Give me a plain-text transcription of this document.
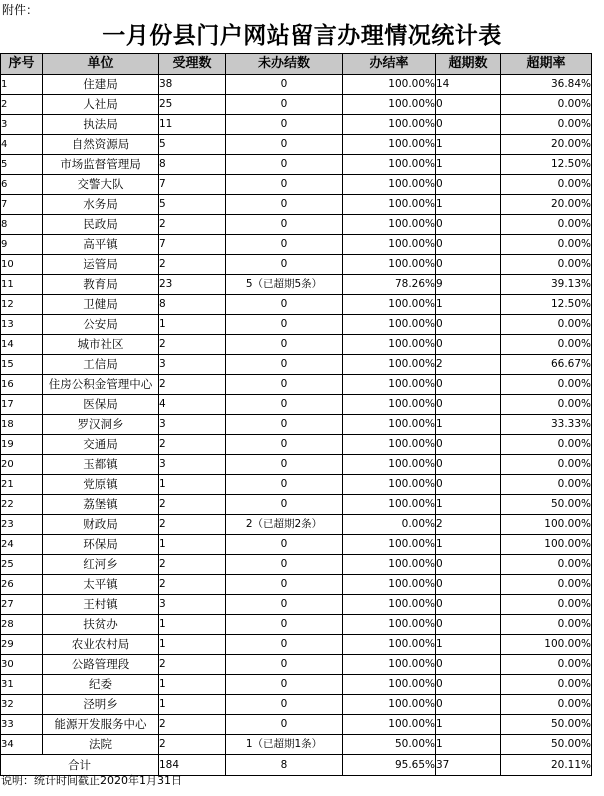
附件：
一月份县门户网站留言办理情况统计表
序号	单位	受理数	未办结数	办结率	超期数	超期率
1	住建局	38	0	100.00%	14	36.84%
2	人社局	25	0	100.00%	0	0.00%
3	执法局	11	0	100.00%	0	0.00%
4	自然资源局	5	0	100.00%	1	20.00%
5	市场监督管理局	8	0	100.00%	1	12.50%
6	交警大队	7	0	100.00%	0	0.00%
7	水务局	5	0	100.00%	1	20.00%
8	民政局	2	0	100.00%	0	0.00%
9	高平镇	7	0	100.00%	0	0.00%
10	运管局	2	0	100.00%	0	0.00%
11	教育局	23	5（已超期5条）	78.26%	9	39.13%
12	卫健局	8	0	100.00%	1	12.50%
13	公安局	1	0	100.00%	0	0.00%
14	城市社区	2	0	100.00%	0	0.00%
15	工信局	3	0	100.00%	2	66.67%
16	住房公积金管理中心	2	0	100.00%	0	0.00%
17	医保局	4	0	100.00%	0	0.00%
18	罗汉洞乡	3	0	100.00%	1	33.33%
19	交通局	2	0	100.00%	0	0.00%
20	玉都镇	3	0	100.00%	0	0.00%
21	党原镇	1	0	100.00%	0	0.00%
22	荔堡镇	2	0	100.00%	1	50.00%
23	财政局	2	2（已超期2条）	0.00%	2	100.00%
24	环保局	1	0	100.00%	1	100.00%
25	红河乡	2	0	100.00%	0	0.00%
26	太平镇	2	0	100.00%	0	0.00%
27	王村镇	3	0	100.00%	0	0.00%
28	扶贫办	1	0	100.00%	0	0.00%
29	农业农村局	1	0	100.00%	1	100.00%
30	公路管理段	2	0	100.00%	0	0.00%
31	纪委	1	0	100.00%	0	0.00%
32	泾明乡	1	0	100.00%	0	0.00%
33	能源开发服务中心	2	0	100.00%	1	50.00%
34	法院	2	1（已超期1条）	50.00%	1	50.00%
合计		184	8	95.65%	37	20.11%
说明：统计时间截止2020年1月31日
